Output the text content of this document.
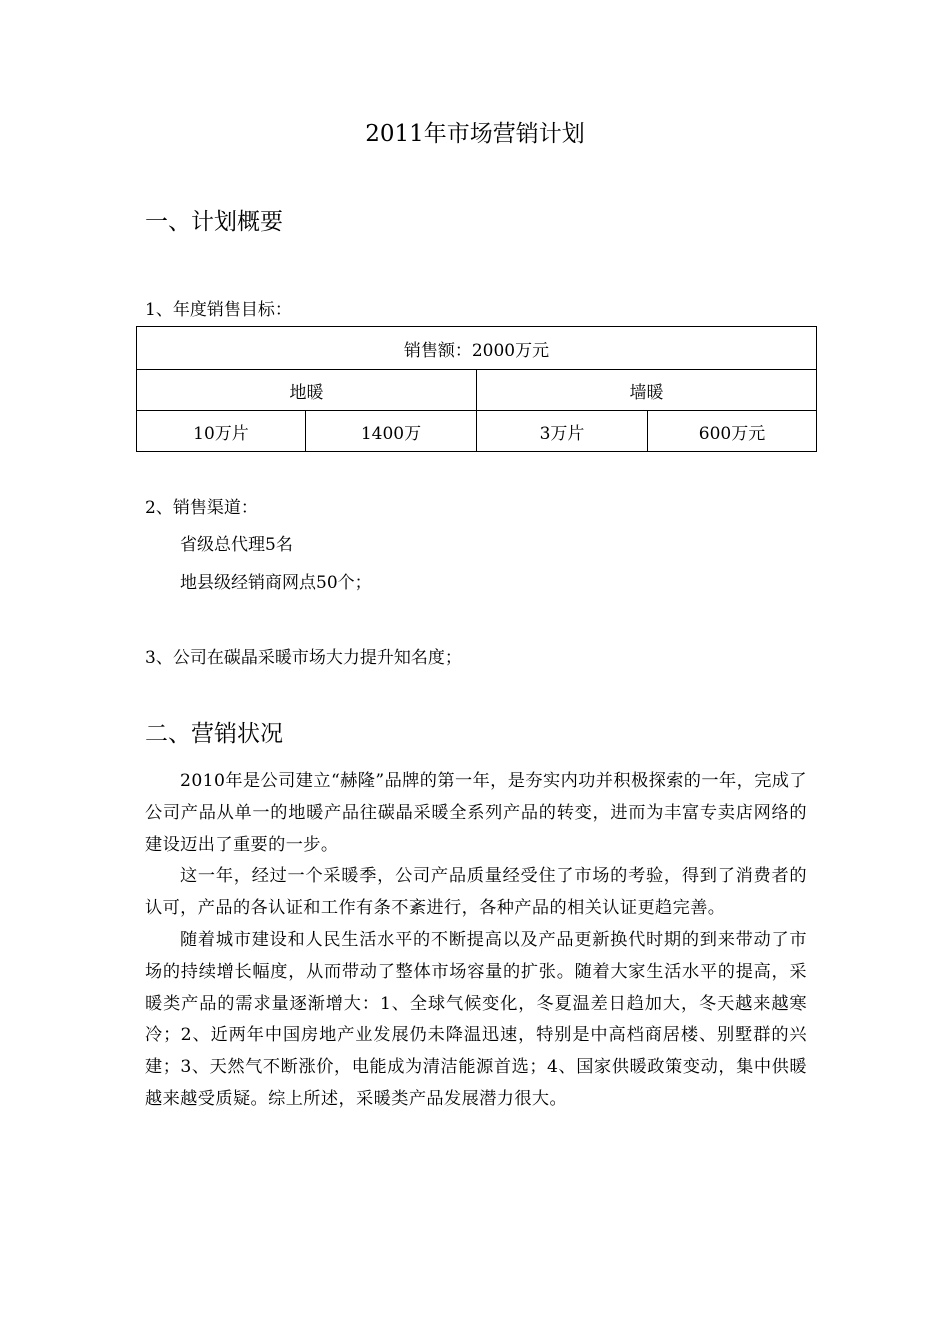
2011年市场营销计划
一、计划概要
1、年度销售目标：
销售额：2000万元			
地暖		墙暖	
10万片	1400万	3万片	600万元
2、销售渠道：
省级总代理5名
地县级经销商网点50个；
3、公司在碳晶采暖市场大力提升知名度；
二、营销状况

2010年是公司建立“赫隆”品牌的第一年，是夯实内功并积极探索的一年，完成了公司产品从单一的地暖产品往碳晶采暖全系列产品的转变，进而为丰富专卖店网络的建设迈出了重要的一步。

这一年，经过一个采暖季，公司产品质量经受住了市场的考验，得到了消费者的认可，产品的各认证和工作有条不紊进行，各种产品的相关认证更趋完善。

随着城市建设和人民生活水平的不断提高以及产品更新换代时期的到来带动了市场的持续增长幅度，从而带动了整体市场容量的扩张。随着大家生活水平的提高，采暖类产品的需求量逐渐增大：1、全球气候变化，冬夏温差日趋加大，冬天越来越寒冷；2、近两年中国房地产业发展仍未降温迅速，特别是中高档商居楼、别墅群的兴建；3、天然气不断涨价，电能成为清洁能源首选；4、国家供暖政策变动，集中供暖越来越受质疑。综上所述，采暖类产品发展潜力很大。
